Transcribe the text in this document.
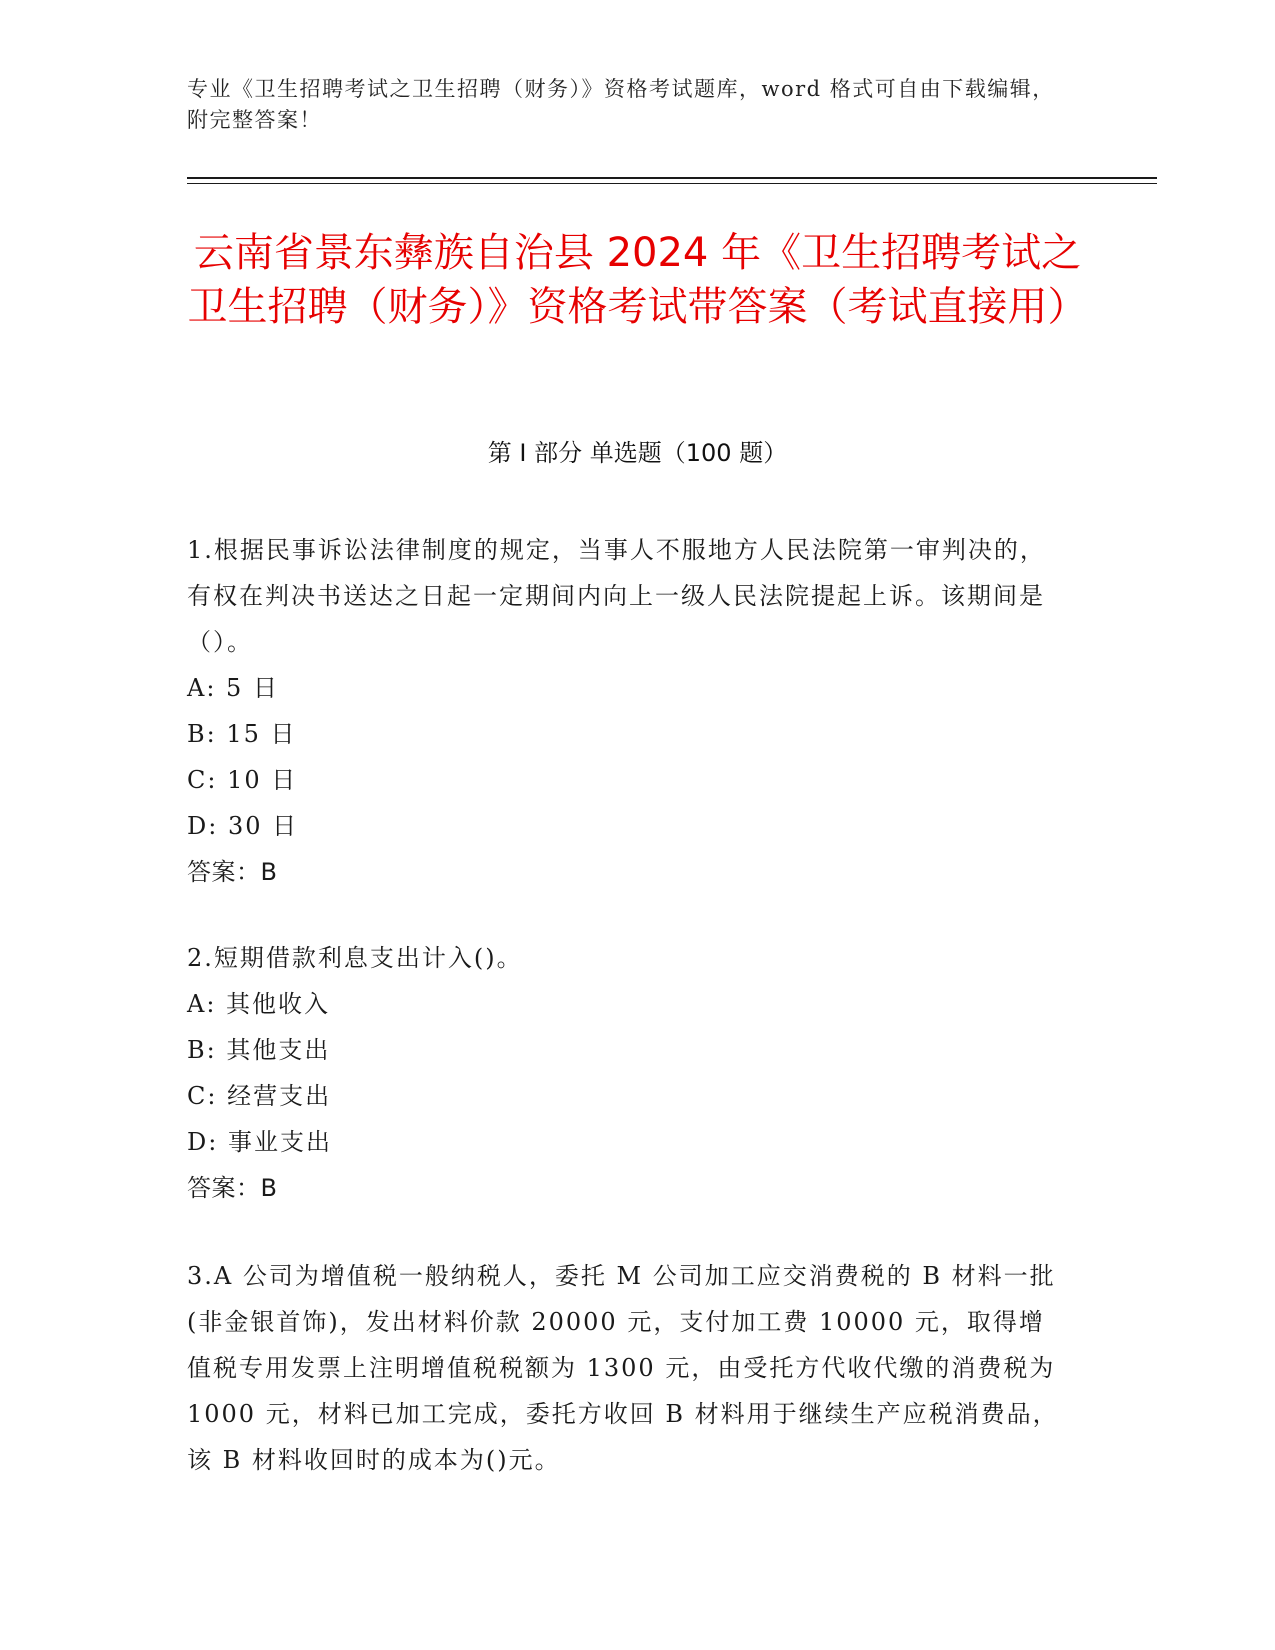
专业《卫生招聘考试之卫生招聘（财务）》资格考试题库，word 格式可自由下载编辑，附完整答案！
云南省景东彝族自治县 2024 年《卫生招聘考试之卫生招聘（财务）》资格考试带答案（考试直接用）
第 I 部分 单选题（100 题）

1.根据民事诉讼法律制度的规定，当事人不服地方人民法院第一审判决的，有权在判决书送达之日起一定期间内向上一级人民法院提起上诉。该期间是（）。

A: 5 日

B: 15 日

C: 10 日

D: 30 日

答案：B

2.短期借款利息支出计入()。

A: 其他收入

B: 其他支出

C: 经营支出

D: 事业支出

答案：B

3.A 公司为增值税一般纳税人，委托 M 公司加工应交消费税的 B 材料一批(非金银首饰)，发出材料价款 20000 元，支付加工费 10000 元，取得增值税专用发票上注明增值税税额为 1300 元，由受托方代收代缴的消费税为 1000 元，材料已加工完成，委托方收回 B 材料用于继续生产应税消费品，该 B 材料收回时的成本为()元。
